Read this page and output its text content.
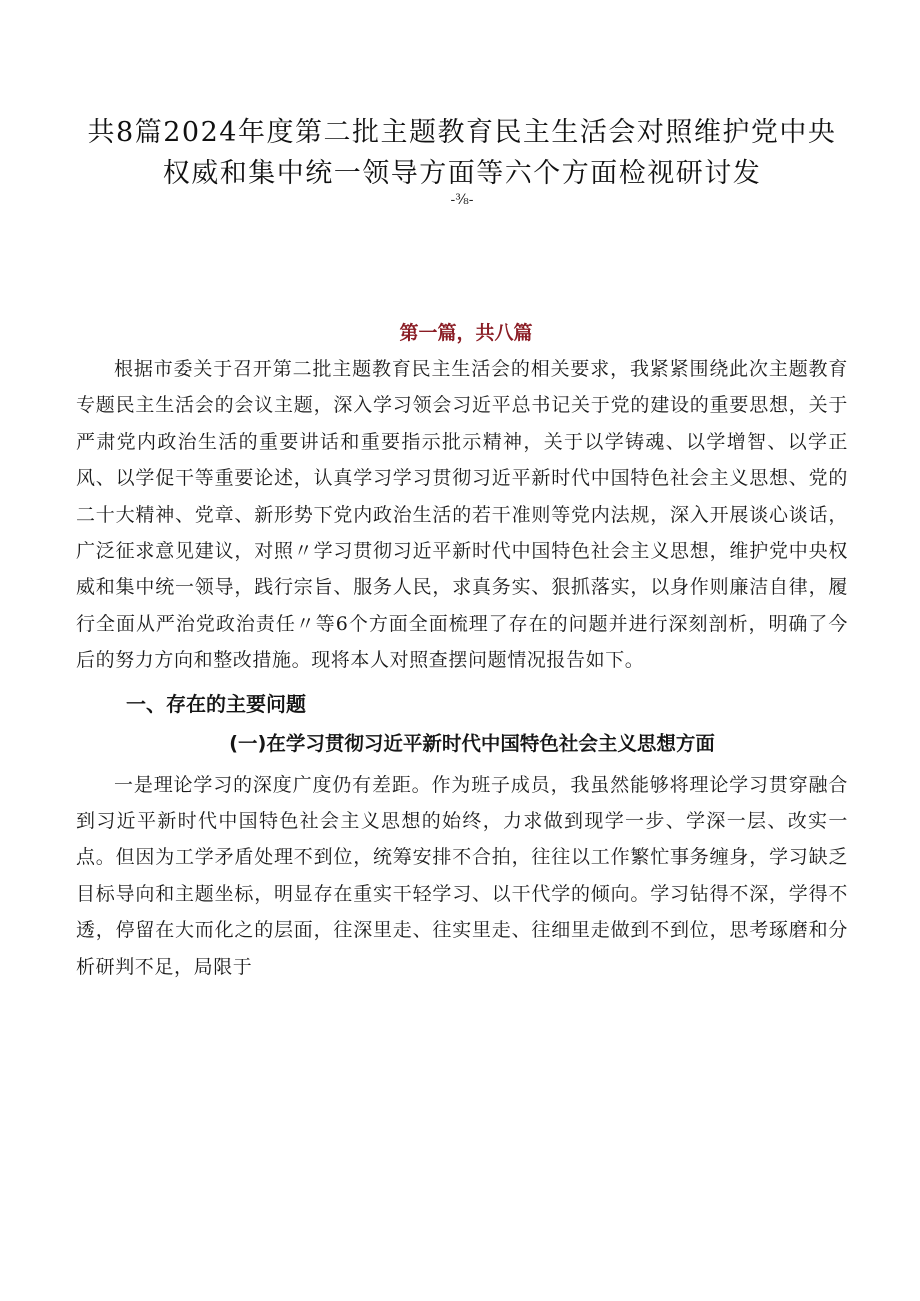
共8篇2024年度第二批主题教育民主生活会对照维护党中央权威和集中统一领导方面等六个方面检视研讨发
-⅜-
第一篇，共八篇

根据市委关于召开第二批主题教育民主生活会的相关要求，我紧紧围绕此次主题教育专题民主生活会的会议主题，深入学习领会习近平总书记关于党的建设的重要思想，关于严肃党内政治生活的重要讲话和重要指示批示精神，关于以学铸魂、以学增智、以学正风、以学促干等重要论述，认真学习学习贯彻习近平新时代中国特色社会主义思想、党的二十大精神、党章、新形势下党内政治生活的若干准则等党内法规，深入开展谈心谈话，广泛征求意见建议，对照〃学习贯彻习近平新时代中国特色社会主义思想，维护党中央权威和集中统一领导，践行宗旨、服务人民，求真务实、狠抓落实，以身作则廉洁自律，履行全面从严治党政治责任〃等6个方面全面梳理了存在的问题并进行深刻剖析，明确了今后的努力方向和整改措施。现将本人对照查摆问题情况报告如下。

一、存在的主要问题
(一)在学习贯彻习近平新时代中国特色社会主义思想方面

一是理论学习的深度广度仍有差距。作为班子成员，我虽然能够将理论学习贯穿融合到习近平新时代中国特色社会主义思想的始终，力求做到现学一步、学深一层、改实一点。但因为工学矛盾处理不到位，统筹安排不合拍，往往以工作繁忙事务缠身，学习缺乏目标导向和主题坐标，明显存在重实干轻学习、以干代学的倾向。学习钻得不深，学得不透，停留在大而化之的层面，往深里走、往实里走、往细里走做到不到位，思考琢磨和分析研判不足，局限于
